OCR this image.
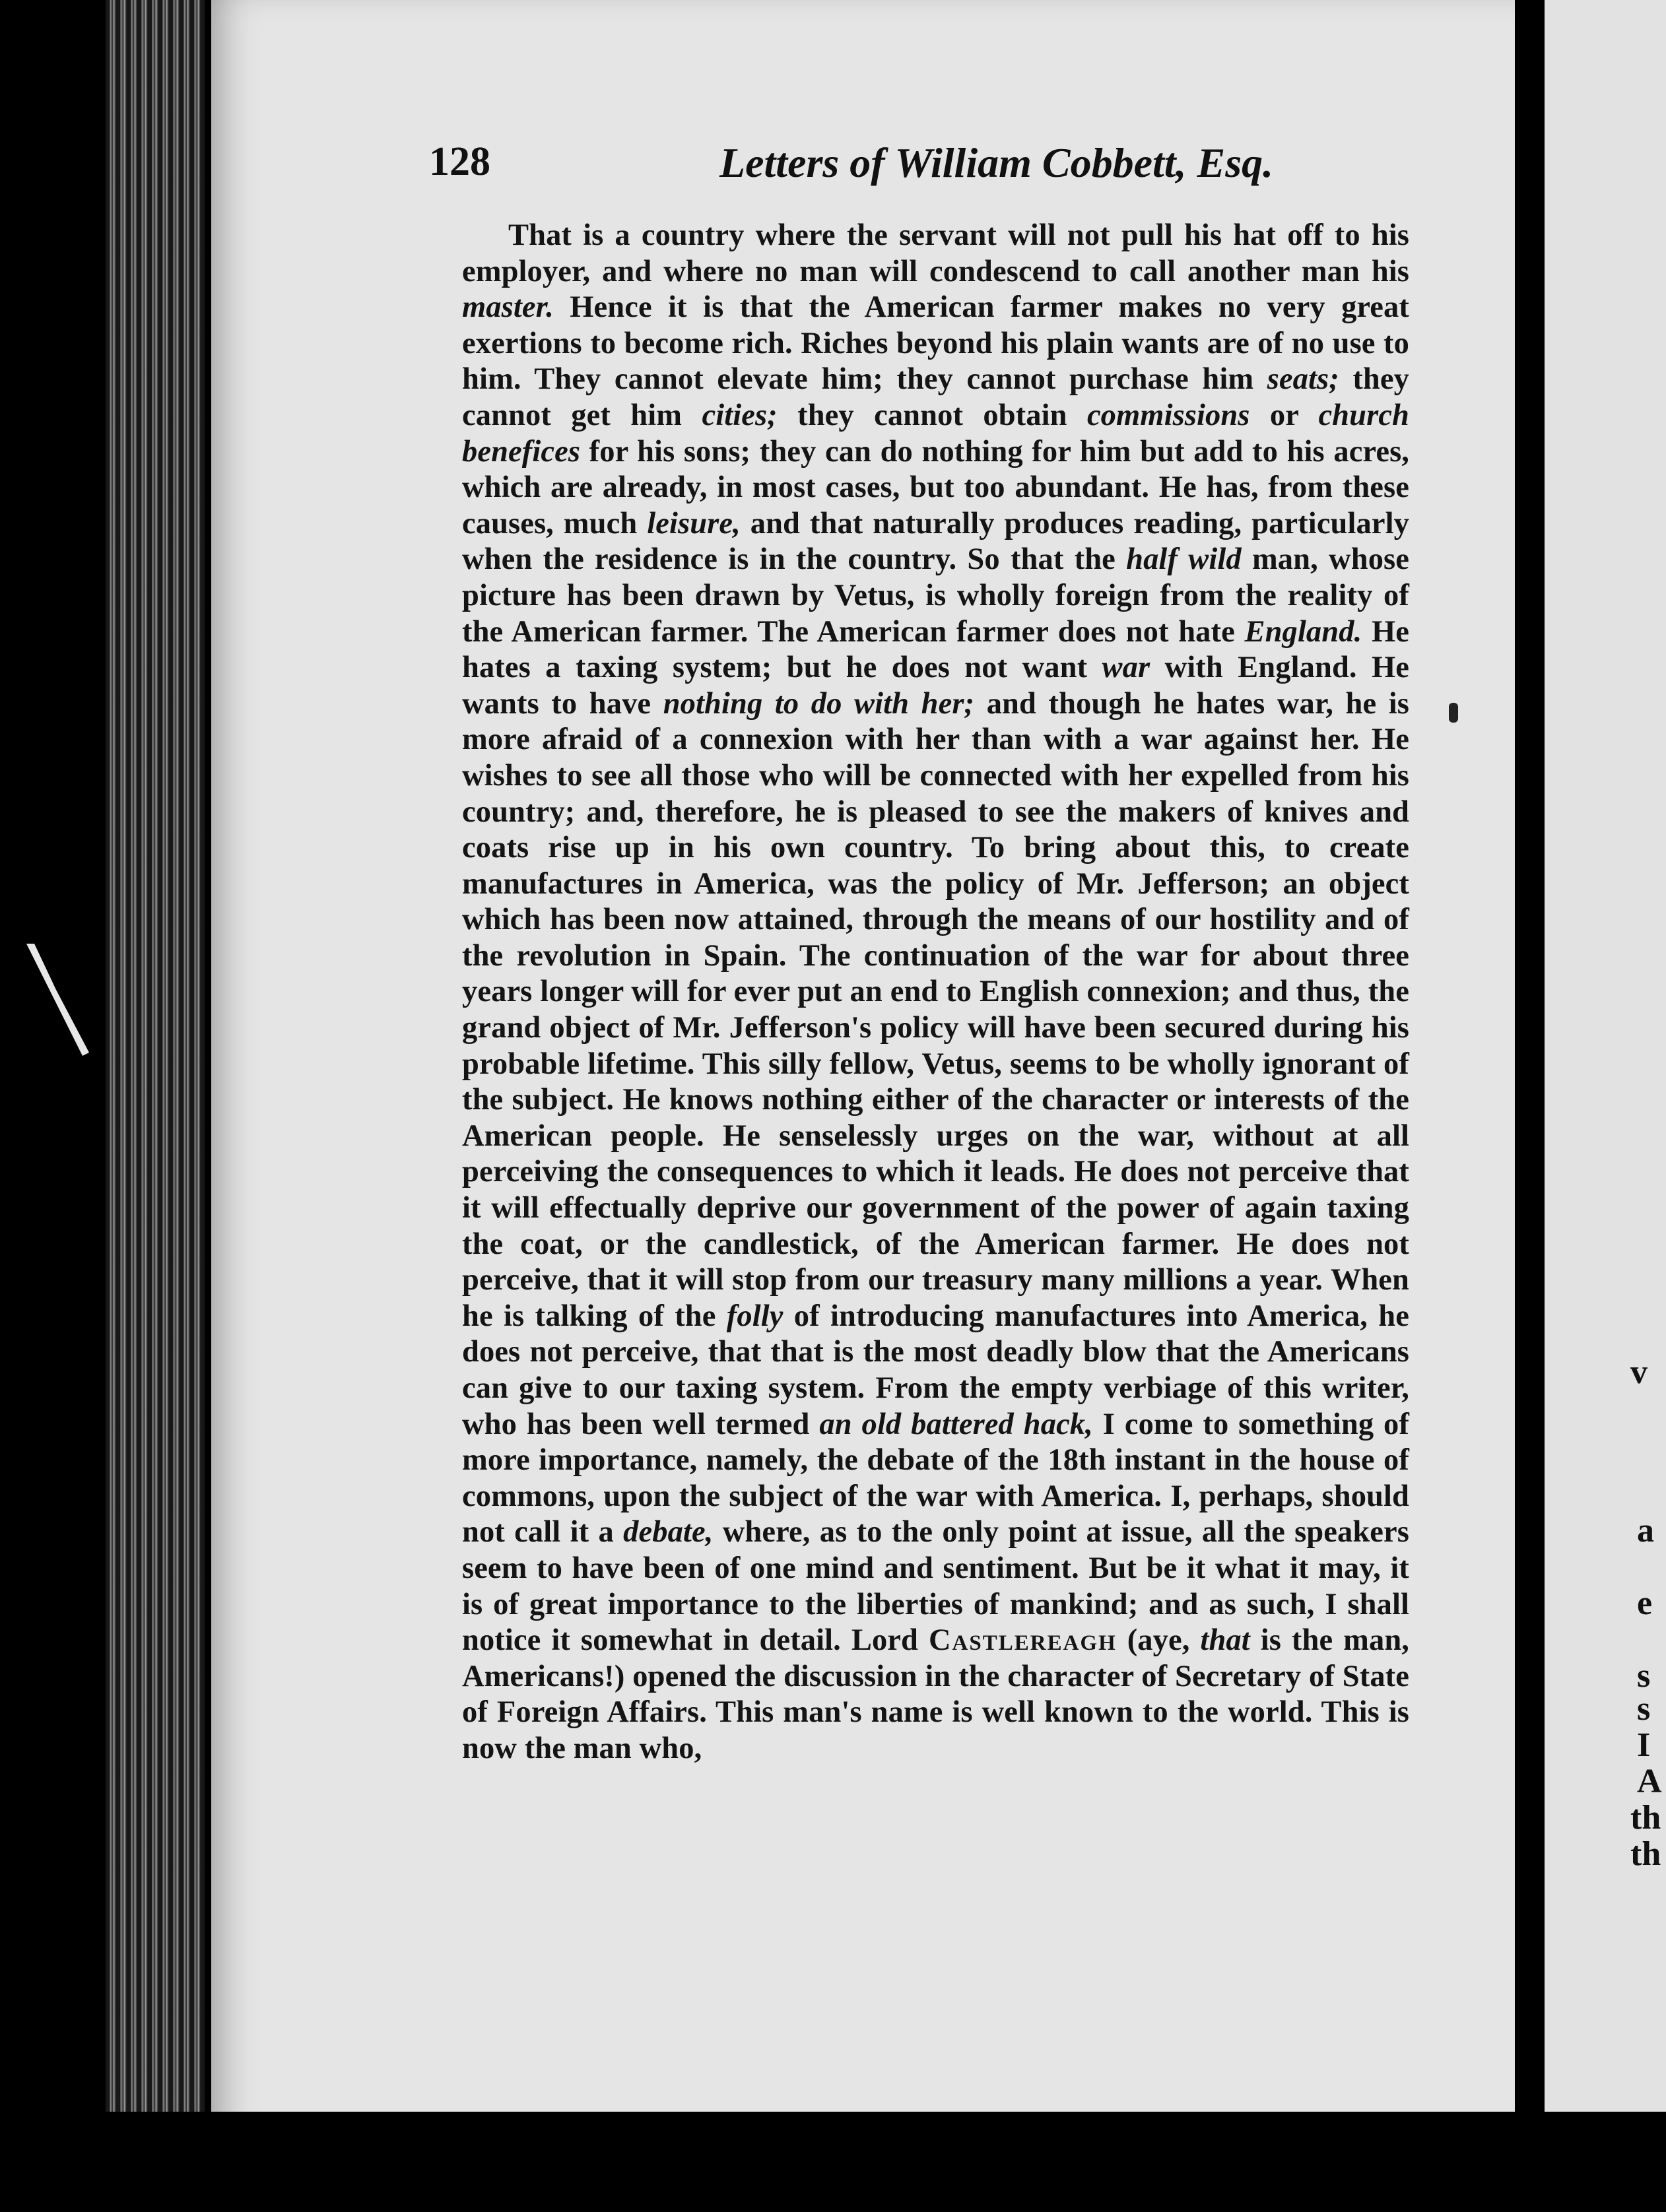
v
a
e
s
s
I
A
th
th
128	Letters of William Cobbett, Esq.

That is a country where the servant will not pull his hat off to his employer, and where no man will condescend to call another man his master. Hence it is that the American farmer makes no very great exertions to become rich. Riches beyond his plain wants are of no use to him. They cannot elevate him; they cannot purchase him seats; they cannot get him cities; they cannot obtain commissions or church benefices for his sons; they can do nothing for him but add to his acres, which are already, in most cases, but too abundant. He has, from these causes, much leisure, and that naturally produces reading, particularly when the residence is in the country. So that the half wild man, whose picture has been drawn by Vetus, is wholly foreign from the reality of the American farmer. The American farmer does not hate England. He hates a taxing system; but he does not want war with England. He wants to have nothing to do with her; and though he hates war, he is more afraid of a connexion with her than with a war against her. He wishes to see all those who will be connected with her expelled from his country; and, therefore, he is pleased to see the makers of knives and coats rise up in his own country. To bring about this, to create manufactures in America, was the policy of Mr. Jefferson; an object which has been now attained, through the means of our hostility and of the revolution in Spain. The continuation of the war for about three years longer will for ever put an end to English connexion; and thus, the grand object of Mr. Jefferson's policy will have been secured during his probable lifetime. This silly fellow, Vetus, seems to be wholly ignorant of the subject. He knows nothing either of the character or interests of the American people. He senselessly urges on the war, without at all perceiving the consequences to which it leads. He does not perceive that it will effectually deprive our government of the power of again taxing the coat, or the candlestick, of the American farmer. He does not perceive, that it will stop from our treasury many millions a year. When he is talking of the folly of introducing manufactures into America, he does not perceive, that that is the most deadly blow that the Americans can give to our taxing system. From the empty verbiage of this writer, who has been well termed an old battered hack, I come to something of more importance, namely, the debate of the 18th instant in the house of commons, upon the subject of the war with America. I, perhaps, should not call it a debate, where, as to the only point at issue, all the speakers seem to have been of one mind and sentiment. But be it what it may, it is of great importance to the liberties of mankind; and as such, I shall notice it somewhat in detail. Lord Castlereagh (aye, that is the man, Americans!) opened the discussion in the character of Secretary of State of Foreign Affairs. This man's name is well known to the world. This is now the man who,
